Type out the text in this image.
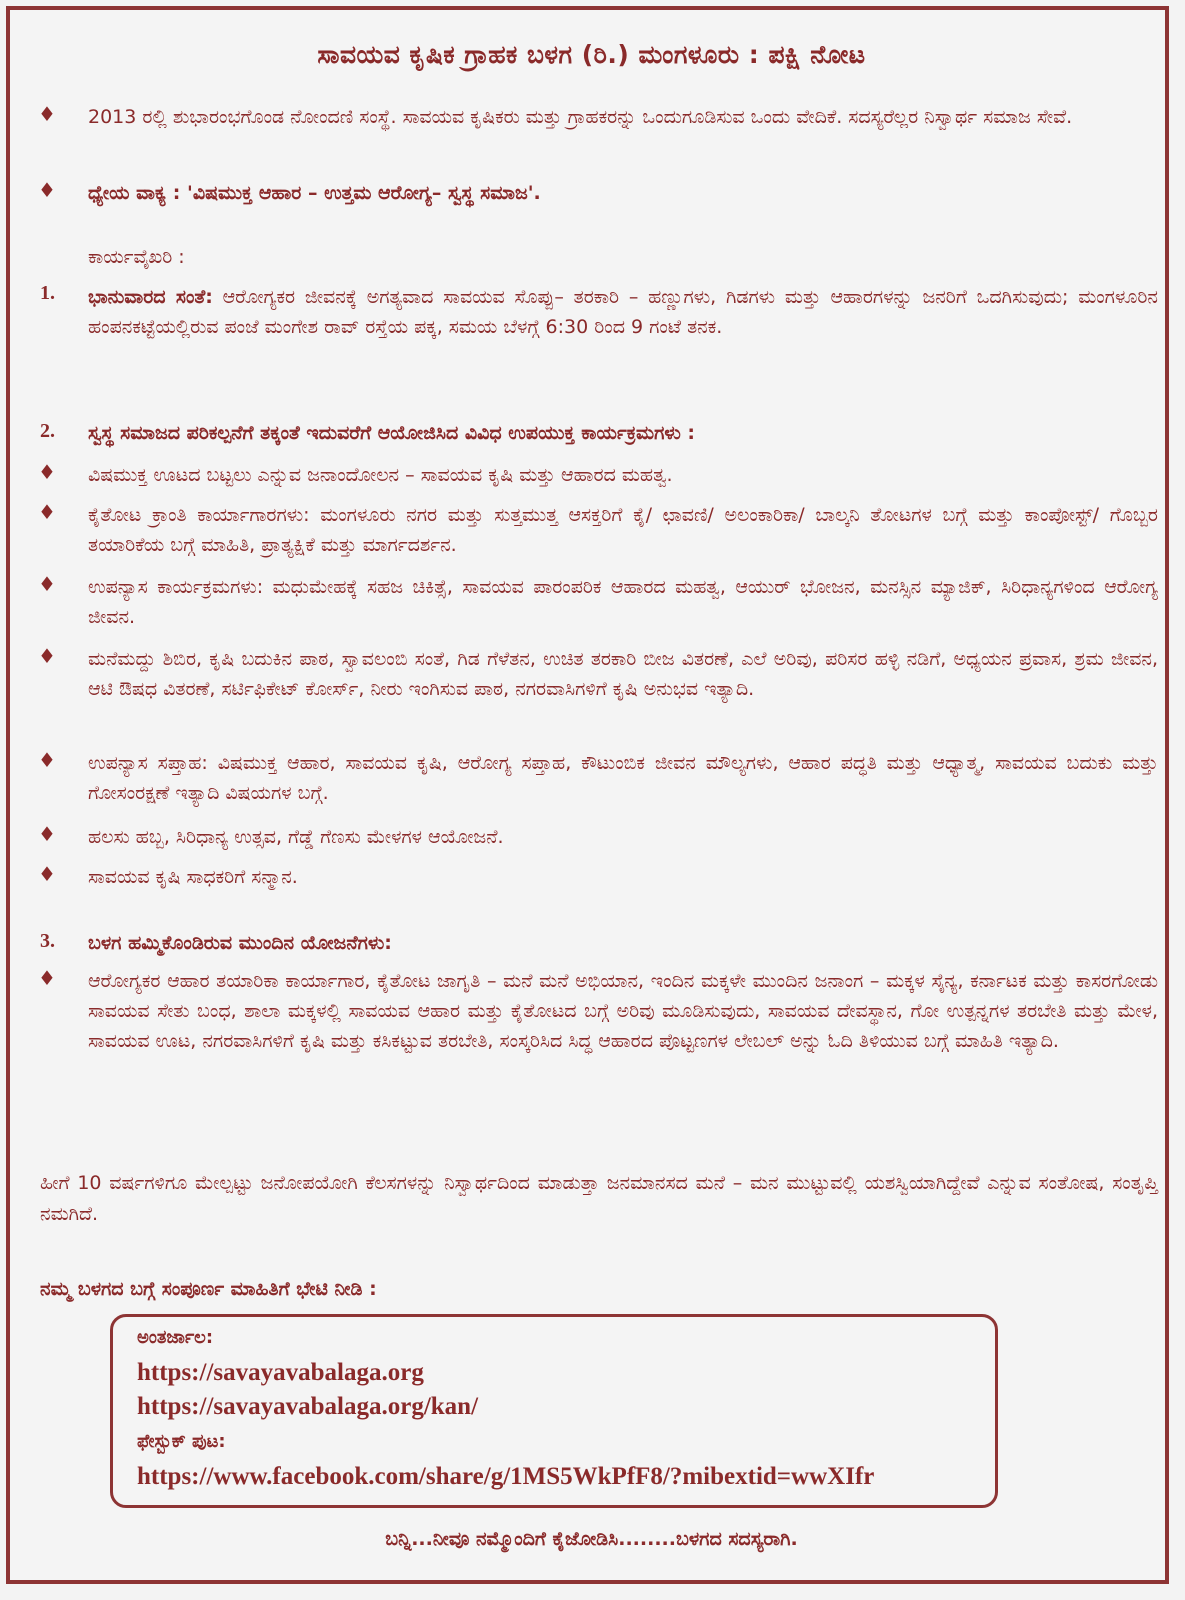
ಸಾವಯವ ಕೃಷಿಕ ಗ್ರಾಹಕ ಬಳಗ (ರಿ.) ಮಂಗಳೂರು : ಪಕ್ಷಿ ನೋಟ
♦ 2013 ರಲ್ಲಿ ಶುಭಾರಂಭಗೊಂಡ ನೋಂದಣಿ ಸಂಸ್ಥೆ. ಸಾವಯವ ಕೃಷಿಕರು ಮತ್ತು ಗ್ರಾಹಕರನ್ನು ಒಂದುಗೂಡಿಸುವ ಒಂದು ವೇದಿಕೆ. ಸದಸ್ಯರೆಲ್ಲರ ನಿಸ್ವಾರ್ಥ ಸಮಾಜ ಸೇವೆ.
♦ ಧ್ಯೇಯ ವಾಕ್ಯ : 'ವಿಷಮುಕ್ತ ಆಹಾರ – ಉತ್ತಮ ಆರೋಗ್ಯ– ಸ್ವಸ್ಥ ಸಮಾಜ'.
ಕಾರ್ಯವೈಖರಿ :
1. ಭಾನುವಾರದ ಸಂತೆ: ಆರೋಗ್ಯಕರ ಜೀವನಕ್ಕೆ ಅಗತ್ಯವಾದ ಸಾವಯವ ಸೊಪ್ಪು– ತರಕಾರಿ – ಹಣ್ಣುಗಳು, ಗಿಡಗಳು ಮತ್ತು ಆಹಾರಗಳನ್ನು ಜನರಿಗೆ ಒದಗಿಸುವುದು; ಮಂಗಳೂರಿನ ಹಂಪನಕಟ್ಟೆಯಲ್ಲಿರುವ ಪಂಜೆ ಮಂಗೇಶ ರಾವ್ ರಸ್ತೆಯ ಪಕ್ಕ, ಸಮಯ ಬೆಳಗ್ಗೆ 6:30 ರಿಂದ 9 ಗಂಟೆ ತನಕ.
2. ಸ್ವಸ್ಥ ಸಮಾಜದ ಪರಿಕಲ್ಪನೆಗೆ ತಕ್ಕಂತೆ ಇದುವರೆಗೆ ಆಯೋಜಿಸಿದ ವಿವಿಧ ಉಪಯುಕ್ತ ಕಾರ್ಯಕ್ರಮಗಳು :
♦ ವಿಷಮುಕ್ತ ಊಟದ ಬಟ್ಟಲು ಎನ್ನುವ ಜನಾಂದೋಲನ – ಸಾವಯವ ಕೃಷಿ ಮತ್ತು ಆಹಾರದ ಮಹತ್ವ.
♦ ಕೈತೋಟ ಕ್ರಾಂತಿ ಕಾರ್ಯಾಗಾರಗಳು: ಮಂಗಳೂರು ನಗರ ಮತ್ತು ಸುತ್ತಮುತ್ತ ಆಸಕ್ತರಿಗೆ ಕೈ/ ಛಾವಣಿ/ ಅಲಂಕಾರಿಕಾ/ ಬಾಲ್ಕನಿ ತೋಟಗಳ ಬಗ್ಗೆ ಮತ್ತು ಕಾಂಪೋಸ್ಟ್/ ಗೊಬ್ಬರ ತಯಾರಿಕೆಯ ಬಗ್ಗೆ ಮಾಹಿತಿ, ಪ್ರಾತ್ಯಕ್ಷಿಕೆ ಮತ್ತು ಮಾರ್ಗದರ್ಶನ.
♦ ಉಪನ್ಯಾಸ ಕಾರ್ಯಕ್ರಮಗಳು: ಮಧುಮೇಹಕ್ಕೆ ಸಹಜ ಚಿಕಿತ್ಸೆ, ಸಾವಯವ ಪಾರಂಪರಿಕ ಆಹಾರದ ಮಹತ್ವ, ಆಯುರ್ ಭೋಜನ, ಮನಸ್ಸಿನ ಮ್ಯಾಜಿಕ್, ಸಿರಿಧಾನ್ಯಗಳಿಂದ ಆರೋಗ್ಯ ಜೀವನ.
♦ ಮನೆಮದ್ದು ಶಿಬಿರ, ಕೃಷಿ ಬದುಕಿನ ಪಾಠ, ಸ್ವಾವಲಂಬಿ ಸಂತೆ, ಗಿಡ ಗೆಳೆತನ, ಉಚಿತ ತರಕಾರಿ ಬೀಜ ವಿತರಣೆ, ಎಲೆ ಅರಿವು, ಪರಿಸರ ಹಳ್ಳಿ ನಡಿಗೆ, ಅಧ್ಯಯನ ಪ್ರವಾಸ, ಶ್ರಮ ಜೀವನ, ಆಟಿ ಔಷಧ ವಿತರಣೆ, ಸರ್ಟಿಫಿಕೇಟ್ ಕೋರ್ಸ್, ನೀರು ಇಂಗಿಸುವ ಪಾಠ, ನಗರವಾಸಿಗಳಿಗೆ ಕೃಷಿ ಅನುಭವ ಇತ್ಯಾದಿ.
♦ ಉಪನ್ಯಾಸ ಸಪ್ತಾಹ: ವಿಷಮುಕ್ತ ಆಹಾರ, ಸಾವಯವ ಕೃಷಿ, ಆರೋಗ್ಯ ಸಪ್ತಾಹ, ಕೌಟುಂಬಿಕ ಜೀವನ ಮೌಲ್ಯಗಳು, ಆಹಾರ ಪದ್ಧತಿ ಮತ್ತು ಆಧ್ಯಾತ್ಮ, ಸಾವಯವ ಬದುಕು ಮತ್ತು ಗೋಸಂರಕ್ಷಣೆ ಇತ್ಯಾದಿ ವಿಷಯಗಳ ಬಗ್ಗೆ.
♦ ಹಲಸು ಹಬ್ಬ, ಸಿರಿಧಾನ್ಯ ಉತ್ಸವ, ಗೆಡ್ಡೆ ಗೆಣಸು ಮೇಳಗಳ ಆಯೋಜನೆ.
♦ ಸಾವಯವ ಕೃಷಿ ಸಾಧಕರಿಗೆ ಸನ್ಮಾನ.
3. ಬಳಗ ಹಮ್ಮಿಕೊಂಡಿರುವ ಮುಂದಿನ ಯೋಜನೆಗಳು:
♦ ಆರೋಗ್ಯಕರ ಆಹಾರ ತಯಾರಿಕಾ ಕಾರ್ಯಾಗಾರ, ಕೈತೋಟ ಜಾಗೃತಿ – ಮನೆ ಮನೆ ಅಭಿಯಾನ, ಇಂದಿನ ಮಕ್ಕಳೇ ಮುಂದಿನ ಜನಾಂಗ – ಮಕ್ಕಳ ಸೈನ್ಯ, ಕರ್ನಾಟಕ ಮತ್ತು ಕಾಸರಗೋಡು ಸಾವಯವ ಸೇತು ಬಂಧ, ಶಾಲಾ ಮಕ್ಕಳಲ್ಲಿ ಸಾವಯವ ಆಹಾರ ಮತ್ತು ಕೈತೋಟದ ಬಗ್ಗೆ ಅರಿವು ಮೂಡಿಸುವುದು, ಸಾವಯವ ದೇವಸ್ಥಾನ, ಗೋ ಉತ್ಪನ್ನಗಳ ತರಬೇತಿ ಮತ್ತು ಮೇಳ, ಸಾವಯವ ಊಟ, ನಗರವಾಸಿಗಳಿಗೆ ಕೃಷಿ ಮತ್ತು ಕಸಿಕಟ್ಟುವ ತರಬೇತಿ, ಸಂಸ್ಕರಿಸಿದ ಸಿದ್ಧ ಆಹಾರದ ಪೊಟ್ಟಣಗಳ ಲೇಬಲ್ ಅನ್ನು ಓದಿ ತಿಳಿಯುವ ಬಗ್ಗೆ ಮಾಹಿತಿ ಇತ್ಯಾದಿ.
ಹೀಗೆ 10 ವರ್ಷಗಳಿಗೂ ಮೇಲ್ಪಟ್ಟು ಜನೋಪಯೋಗಿ ಕೆಲಸಗಳನ್ನು ನಿಸ್ವಾರ್ಥದಿಂದ ಮಾಡುತ್ತಾ ಜನಮಾನಸದ ಮನೆ – ಮನ ಮುಟ್ಟುವಲ್ಲಿ ಯಶಸ್ವಿಯಾಗಿದ್ದೇವೆ ಎನ್ನುವ ಸಂತೋಷ, ಸಂತೃಪ್ತಿ ನಮಗಿದೆ.
ನಮ್ಮ ಬಳಗದ ಬಗ್ಗೆ ಸಂಪೂರ್ಣ ಮಾಹಿತಿಗೆ ಭೇಟಿ ನೀಡಿ :
ಅಂತರ್ಜಾಲ:
https://savayavabalaga.org
https://savayavabalaga.org/kan/
ಫೇಸ್ಬುಕ್ ಪುಟ:
https://www.facebook.com/share/g/1MS5WkPfF8/?mibextid=wwXIfr
ಬನ್ನಿ...ನೀವೂ ನಮ್ಮೊಂದಿಗೆ ಕೈಜೋಡಿಸಿ........ಬಳಗದ ಸದಸ್ಯರಾಗಿ.
